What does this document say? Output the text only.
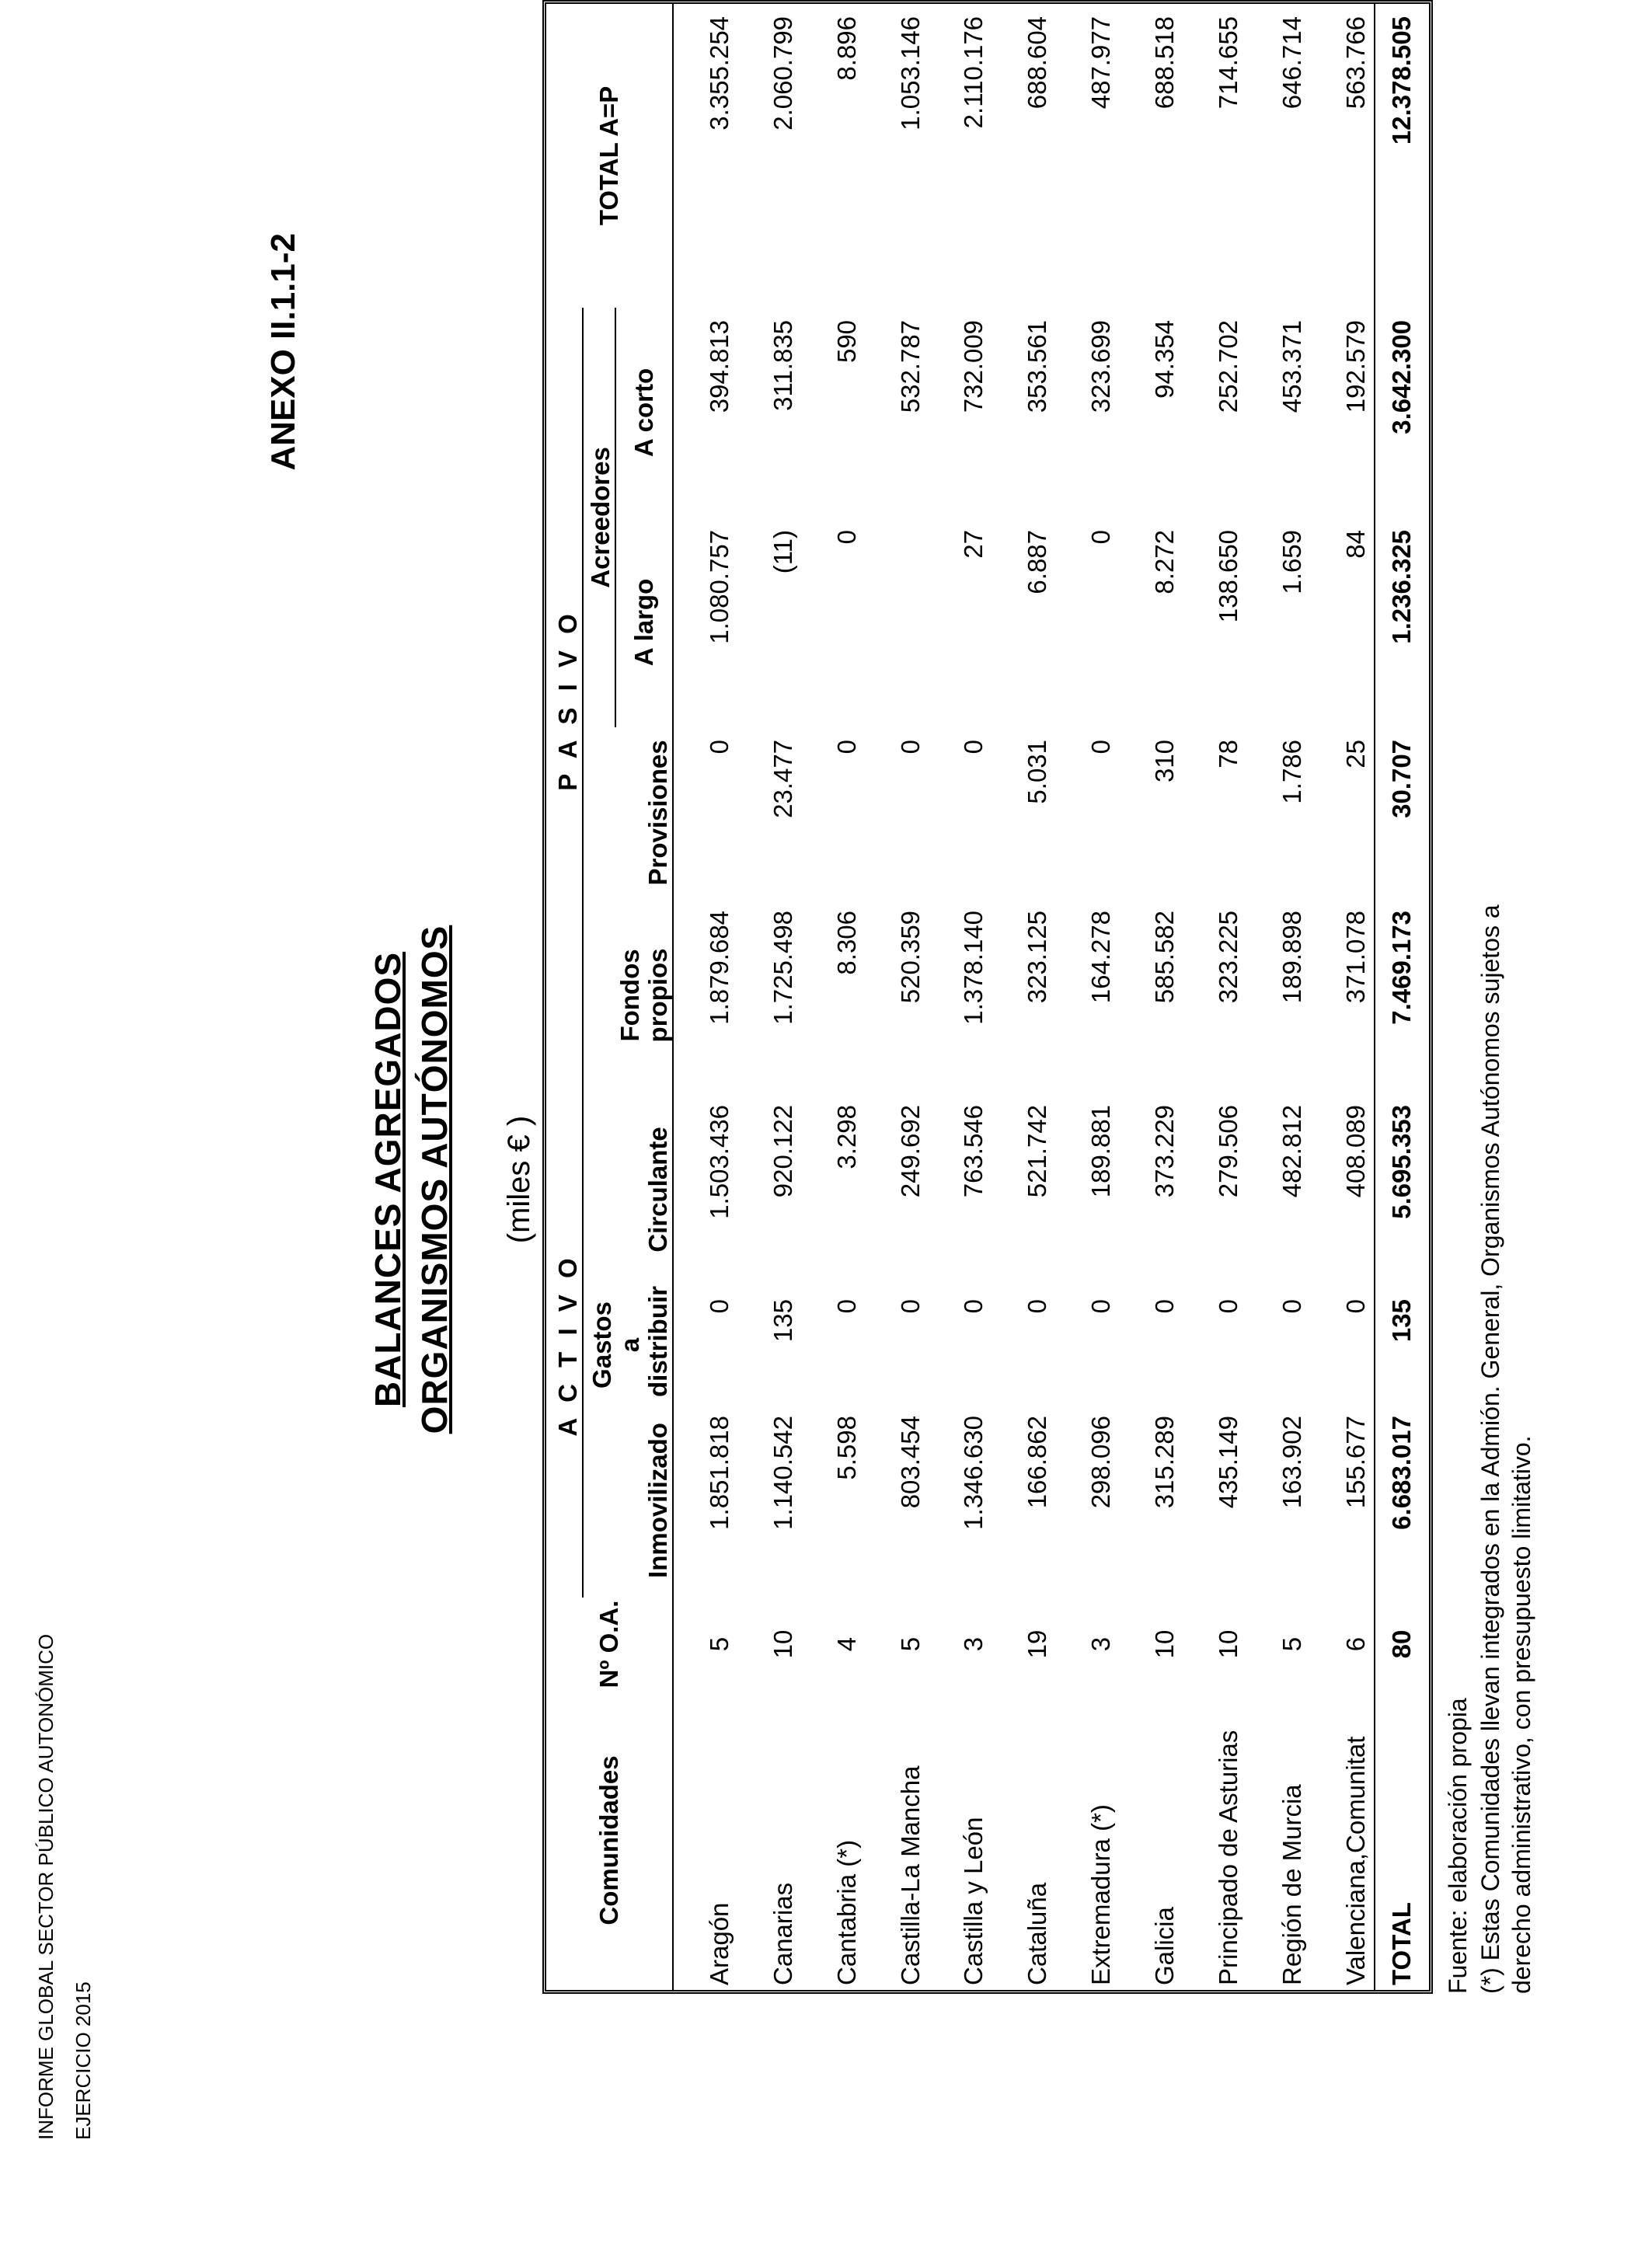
INFORME GLOBAL SECTOR PÚBLICO AUTONÓMICO EJERCICIO 2015
ANEXO II.1.1-2
BALANCES AGREGADOS ORGANISMOS AUTÓNOMOS (miles € )
Comunidades	Nº O.A.	A C T I V O			P A S I V O				TOTAL A=P
		Inmovilizado	Gastos a distribuir	Circulante	Fondos propios	Provisiones	Acreedores		
							A largo	A corto	
Aragón	5	1.851.818	0	1.503.436	1.879.684	0	1.080.757	394.813	3.355.254
Canarias	10	1.140.542	135	920.122	1.725.498	23.477	(11)	311.835	2.060.799
Cantabria (*)	4	5.598	0	3.298	8.306	0	0	590	8.896
Castilla-La Mancha	5	803.454	0	249.692	520.359	0		532.787	1.053.146
Castilla y León	3	1.346.630	0	763.546	1.378.140	0	27	732.009	2.110.176
Cataluña	19	166.862	0	521.742	323.125	5.031	6.887	353.561	688.604
Extremadura (*)	3	298.096	0	189.881	164.278	0	0	323.699	487.977
Galicia	10	315.289	0	373.229	585.582	310	8.272	94.354	688.518
Principado de Asturias	10	435.149	0	279.506	323.225	78	138.650	252.702	714.655
Región de Murcia	5	163.902	0	482.812	189.898	1.786	1.659	453.371	646.714
Valenciana,Comunitat	6	155.677	0	408.089	371.078	25	84	192.579	563.766
TOTAL	80	6.683.017	135	5.695.353	7.469.173	30.707	1.236.325	3.642.300	12.378.505
Fuente: elaboración propia (*) Estas Comunidades llevan integrados en la Admión. General, Organismos Autónomos sujetos a derecho administrativo, con presupuesto limitativo.
